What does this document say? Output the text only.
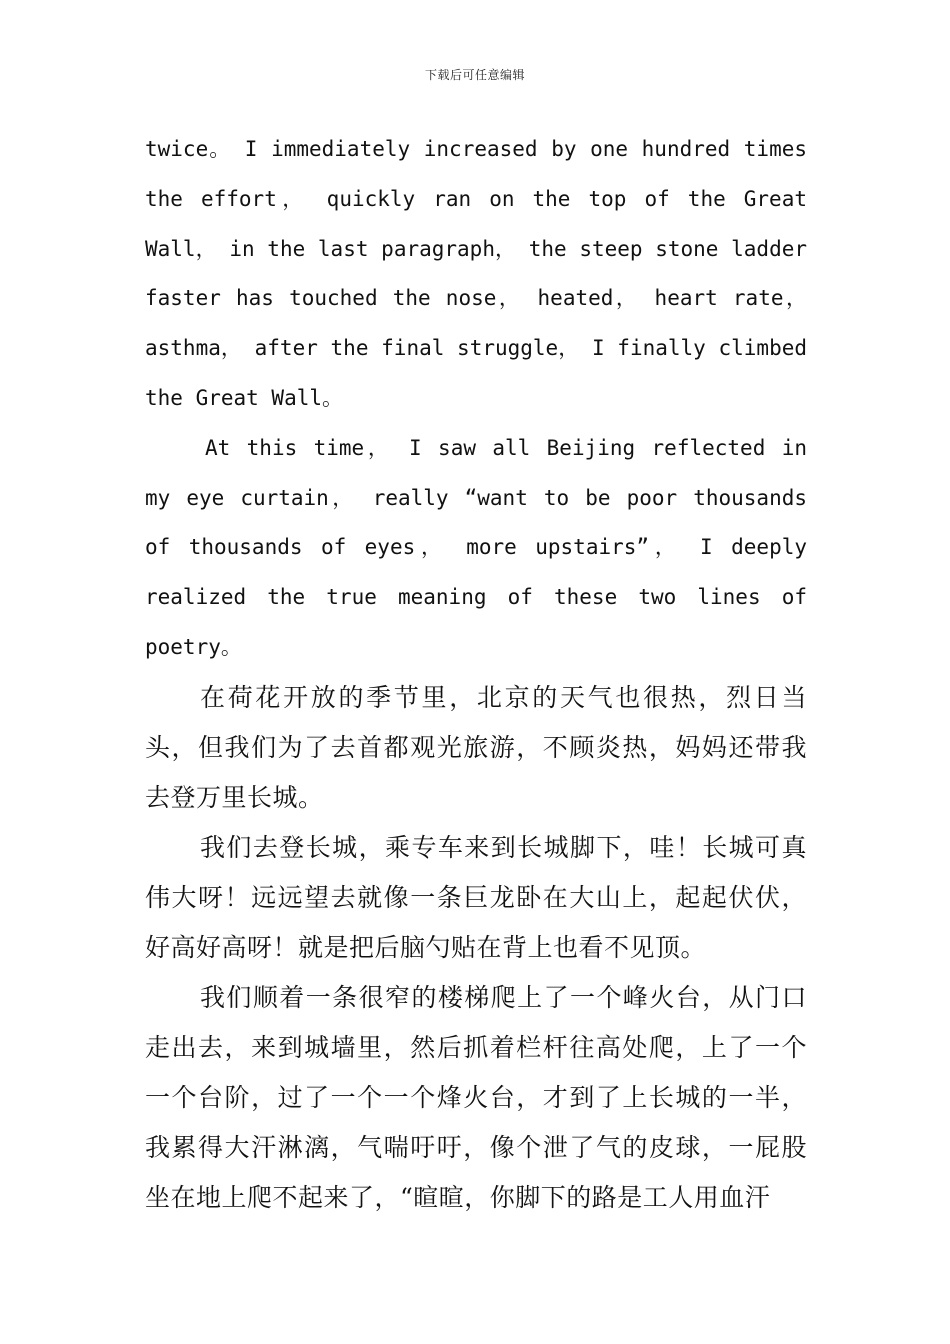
下载后可任意编辑

twice。 I immediately increased by one hundred times the effort， quickly ran on the top of the Great Wall， in the last paragraph， the steep stone ladder faster has touched the nose， heated， heart rate， asthma， after the final struggle， I finally climbed the Great Wall。

At this time， I saw all Beijing reflected in my eye curtain， really “want to be poor thousands of thousands of eyes， more upstairs”， I deeply realized the true meaning of these two lines of poetry。

在荷花开放的季节里，北京的天气也很热，烈日当头，但我们为了去首都观光旅游，不顾炎热，妈妈还带我去登万里长城。

我们去登长城，乘专车来到长城脚下，哇！长城可真伟大呀！远远望去就像一条巨龙卧在大山上，起起伏伏，好高好高呀！就是把后脑勺贴在背上也看不见顶。

我们顺着一条很窄的楼梯爬上了一个峰火台，从门口走出去，来到城墙里，然后抓着栏杆往高处爬，上了一个一个台阶，过了一个一个烽火台，才到了上长城的一半，我累得大汗淋漓，气喘吁吁，像个泄了气的皮球，一屁股坐在地上爬不起来了，“暄暄，你脚下的路是工人用血汗
